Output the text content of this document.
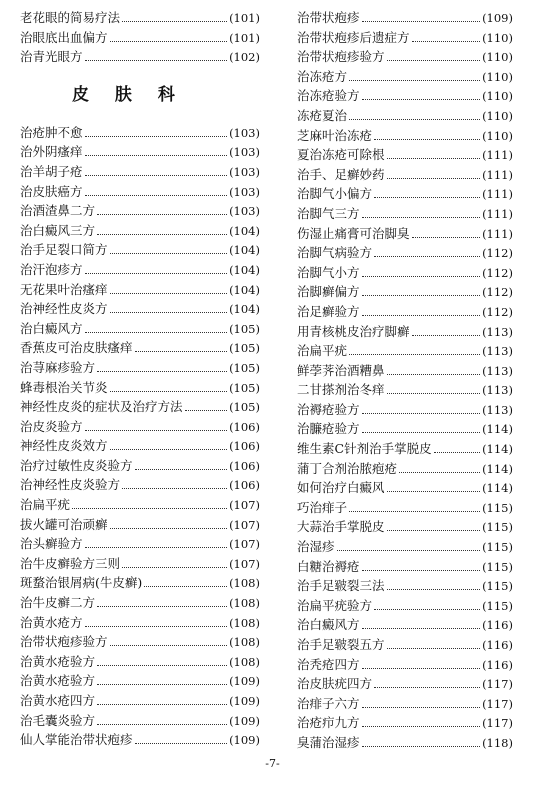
老花眼的简易疗法	(101)
治眼底出血偏方	(101)
治青光眼方	(102)
皮 肤 科
治疮肿不愈	(103)
治外阴瘙痒	(103)
治羊胡子疮	(103)
治皮肤癌方	(103)
治酒渣鼻二方	(103)
治白癜风三方	(104)
治手足裂口简方	(104)
治汗泡疹方	(104)
无花果叶治瘙痒	(104)
治神经性皮炎方	(104)
治白癜风方	(105)
香蕉皮可治皮肤瘙痒	(105)
治荨麻疹验方	(105)
蜂毒根治关节炎	(105)
神经性皮炎的症状及治疗方法	(105)
治皮炎验方	(106)
神经性皮炎效方	(106)
治疗过敏性皮炎验方	(106)
治神经性皮炎验方	(106)
治扁平疣	(107)
拔火罐可治顽癣	(107)
治头癣验方	(107)
治牛皮癣验方三则	(107)
斑蝥治银屑病(牛皮癣)	(108)
治牛皮癣二方	(108)
治黄水疮方	(108)
治带状疱疹验方	(108)
治黄水疮验方	(108)
治黄水疮验方	(109)
治黄水疮四方	(109)
治毛囊炎验方	(109)
仙人掌能治带状疱疹	(109)
治带状疱疹	(109)
治带状疱疹后遗症方	(110)
治带状疱疹验方	(110)
治冻疮方	(110)
治冻疮验方	(110)
冻疮夏治	(110)
芝麻叶治冻疮	(110)
夏治冻疮可除根	(111)
治手、足癣妙药	(111)
治脚气小偏方	(111)
治脚气三方	(111)
伤湿止痛膏可治脚臭	(111)
治脚气病验方	(112)
治脚气小方	(112)
治脚癣偏方	(112)
治足癣验方	(112)
用青核桃皮治疗脚癣	(113)
治扁平疣	(113)
鲜荸荠治酒糟鼻	(113)
二甘搽剂治冬痒	(113)
治褥疮验方	(113)
治臁疮验方	(114)
维生素C针剂治手掌脱皮	(114)
蒲丁合剂治脓疱疮	(114)
如何治疗白癜风	(114)
巧治痱子	(115)
大蒜治手掌脱皮	(115)
治湿疹	(115)
白糖治褥疮	(115)
治手足皲裂三法	(115)
治扁平疣验方	(115)
治白癜风方	(116)
治手足皲裂五方	(116)
治秃疮四方	(116)
治皮肤疣四方	(117)
治痱子六方	(117)
治疮疖九方	(117)
臭蒲治湿疹	(118)
-7-
